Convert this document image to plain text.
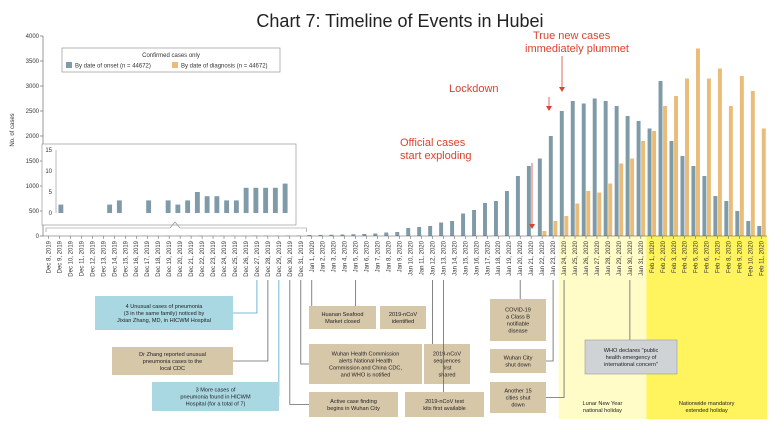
Lunar New Year
national holiday
Nationwide mandatory
extended holiday
Chart 7: Timeline of Events in Hubei
0
500
1000
1500
2000
2500
3000
3500
4000
No. of cases
Dec 8, 2019 Dec 9, 2019 Dec 10, 2019 Dec 11, 2019 Dec 12, 2019 Dec 13, 2019 Dec 14, 2019 Dec 15, 2019 Dec 16, 2019 Dec 17, 2019 Dec 18, 2019 Dec 19, 2019 Dec 20, 2019 Dec 21, 2019 Dec 22, 2019 Dec 23, 2019 Dec 24, 2019 Dec 25, 2019 Dec 26, 2019 Dec 27, 2019 Dec 28, 2019 Dec 29, 2019 Dec 30, 2019 Dec 31, 2019 Jan 1, 2020 Jan 2, 2020 Jan 3, 2020 Jan 4, 2020 Jan 5, 2020 Jan 6, 2020 Jan 7, 2020 Jan 8, 2020 Jan 9, 2020 Jan 10, 2020 Jan 11, 2020 Jan 12, 2020 Jan 13, 2020 Jan 14, 2020 Jan 15, 2020 Jan 16, 2020 Jan 17, 2020 Jan 18, 2020 Jan 19, 2020 Jan 20, 2020 Jan 21, 2020 Jan 22, 2020 Jan 23, 2020 Jan 24, 2020 Jan 25, 2020 Jan 26, 2020 Jan 27, 2020 Jan 28, 2020 Jan 29, 2020 Jan 30, 2020 Jan 31, 2020 Feb 1, 2020 Feb 2, 2020 Feb 3, 2020 Feb 4, 2020 Feb 5, 2020 Feb 6, 2020 Feb 7, 2020 Feb 8, 2020 Feb 9, 2020 Feb 10, 2020 Feb 11, 2020
Confirmed cases only
By date of onset (n = 44672)	By date of diagnosis (n = 44672)
0
5
10
15
Official cases
start exploding
Lockdown
True new cases
immediately plummet
4 Unusual cases of pneumonia
(3 in the same family) noticed by
Jixian Zhang, MD, in HICWM Hospital
Dr Zhang reported unusual
pneumonia cases to the
local CDC
3 More cases of
pneumonia found in HICWM
Hospital (for a total of 7)
Huanan Seafood
Market closed
2019-nCoV
identified
Wuhan Health Commission
alerts National Health
Commission and China CDC,
and WHO is notified
2019-nCoV
sequences
first
shared
Active case finding
begins in Wuhan City
2019-nCoV test
kits first available
COVID-19
a Class B
notifiable
disease
Wuhan City
shut down
Another 15
cities shut
down
WHO declares "public
health emergency of
international concern"
